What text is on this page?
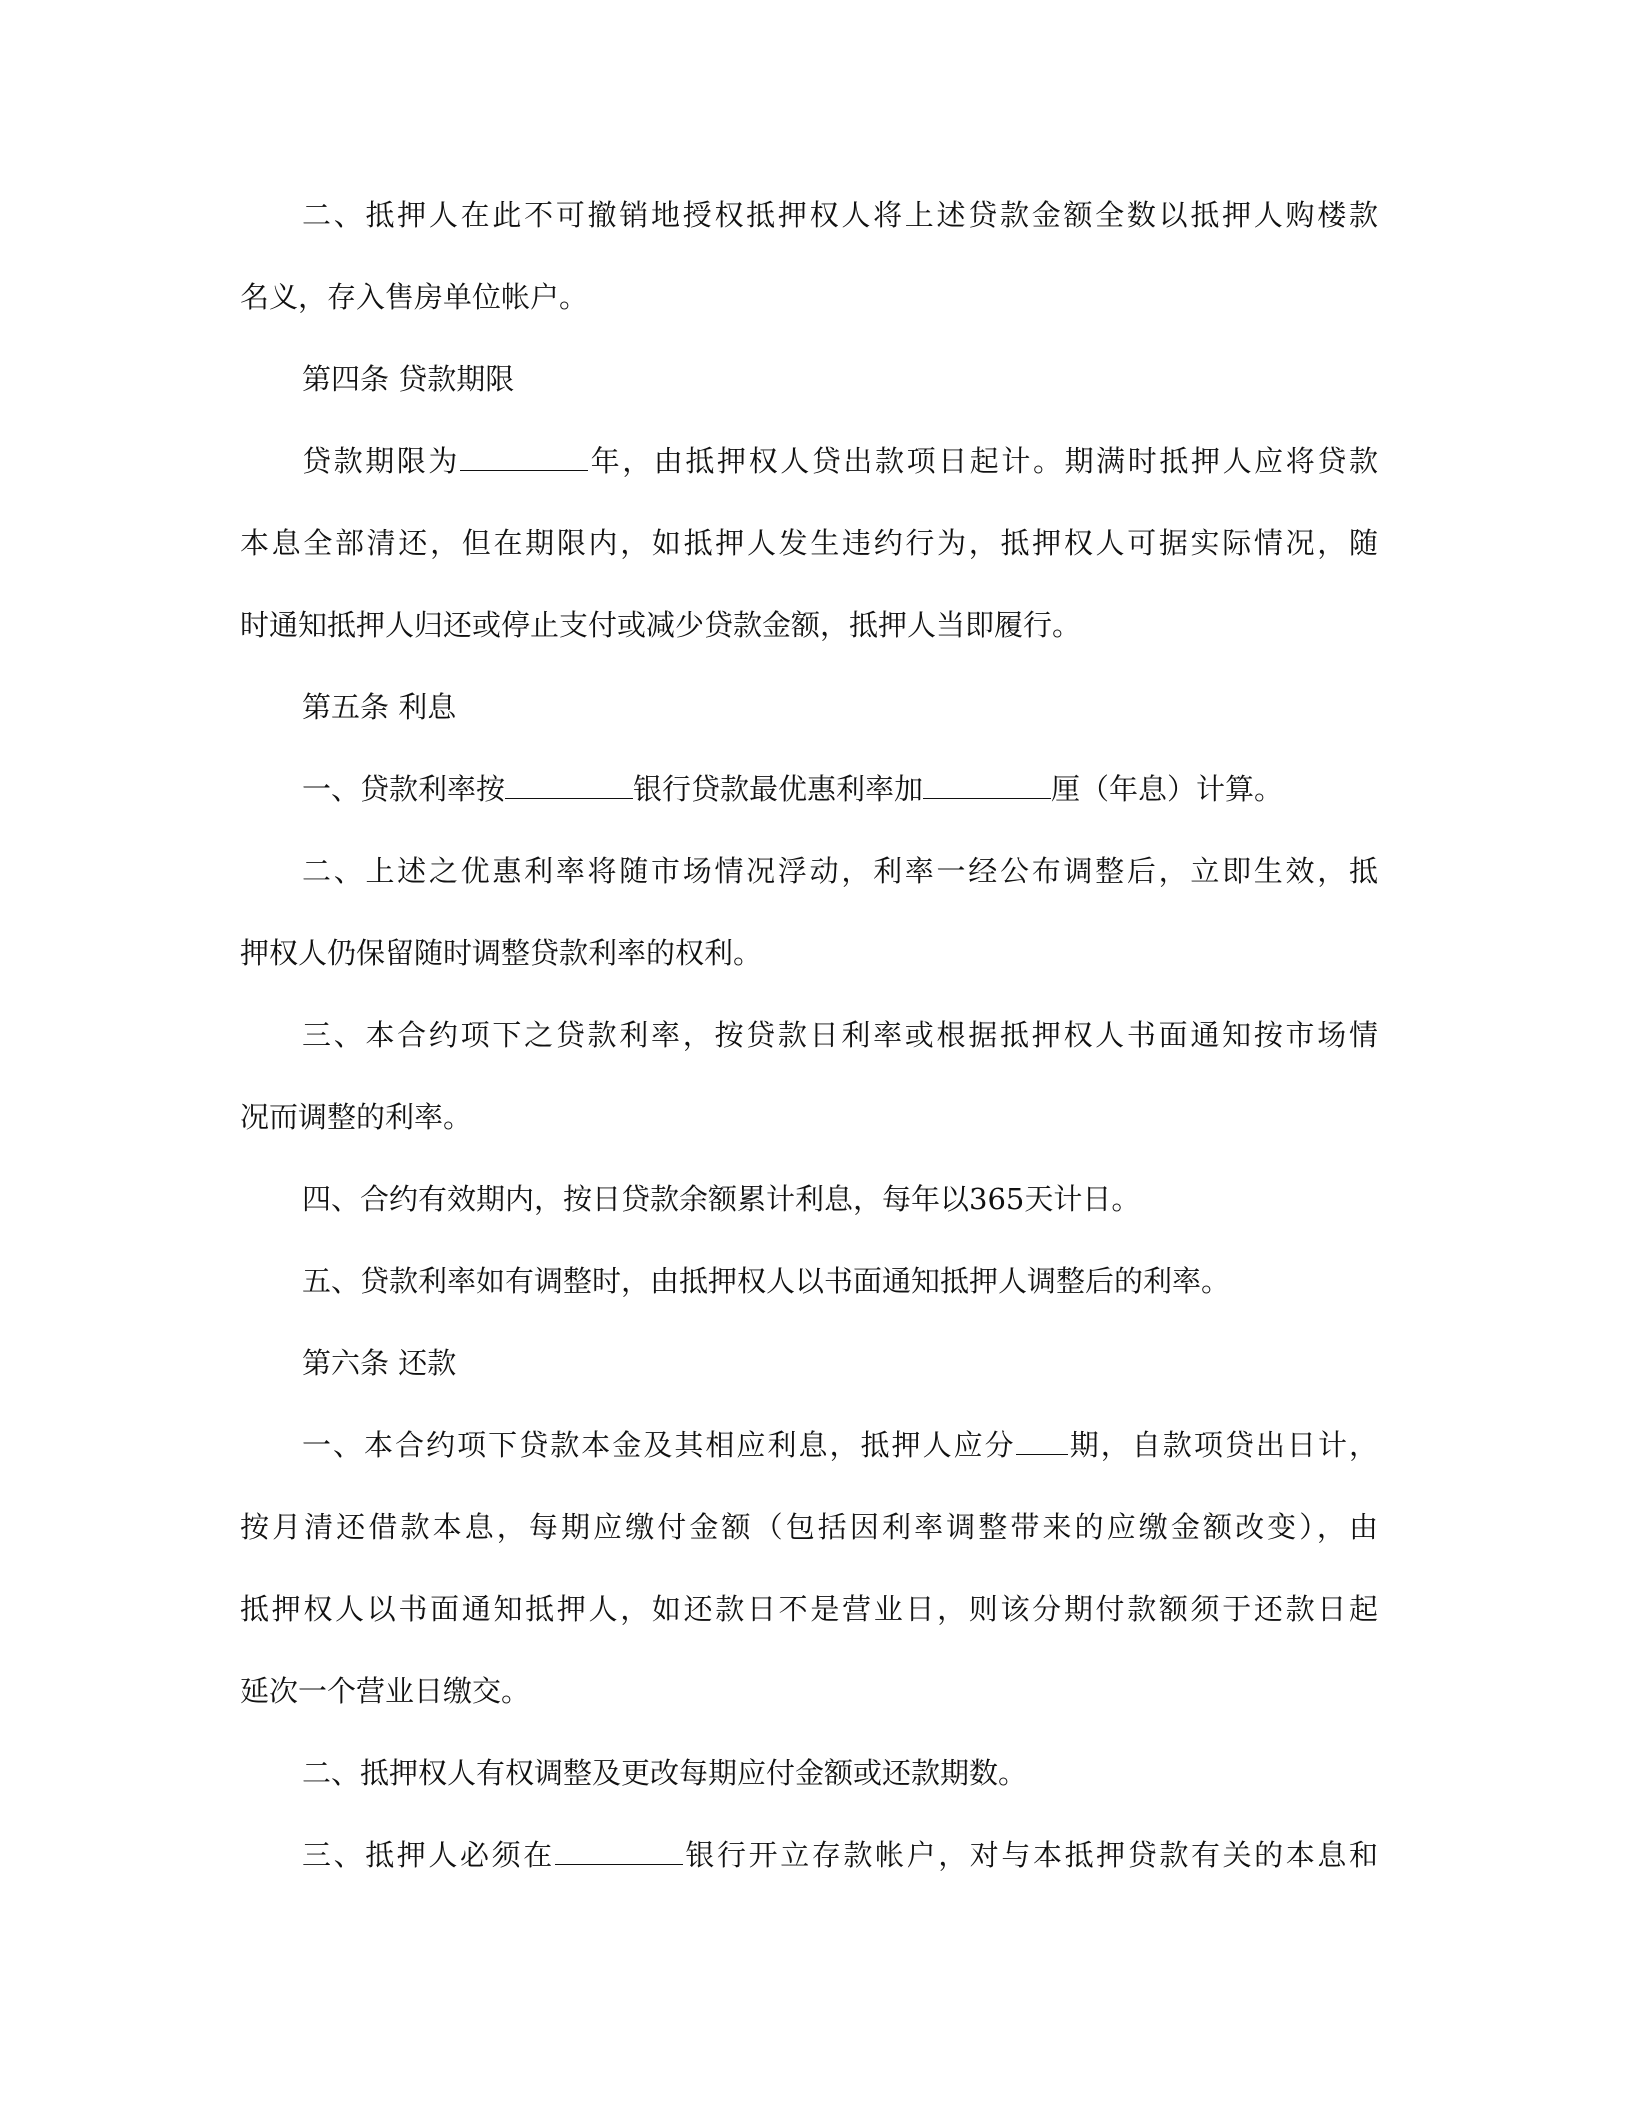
二、抵押人在此不可撤销地授权抵押权人将上述贷款金额全数以抵押人购楼款
名义，存入售房单位帐户。
第四条 贷款期限
贷款期限为	年，由抵押权人贷出款项日起计。期满时抵押人应将贷款
本息全部清还，但在期限内，如抵押人发生违约行为，抵押权人可据实际情况，随
时通知抵押人归还或停止支付或减少贷款金额，抵押人当即履行。
第五条 利息
一、贷款利率按	银行贷款最优惠利率加	厘（年息）计算。
二、上述之优惠利率将随市场情况浮动，利率一经公布调整后，立即生效，抵
押权人仍保留随时调整贷款利率的权利。
三、本合约项下之贷款利率，按贷款日利率或根据抵押权人书面通知按市场情
况而调整的利率。
四、合约有效期内，按日贷款余额累计利息，每年以365天计日。
五、贷款利率如有调整时，由抵押权人以书面通知抵押人调整后的利率。
第六条 还款
一、本合约项下贷款本金及其相应利息，抵押人应分 期，自款项贷出日计，
按月清还借款本息，每期应缴付金额（包括因利率调整带来的应缴金额改变），由
抵押权人以书面通知抵押人，如还款日不是营业日，则该分期付款额须于还款日起
延次一个营业日缴交。
二、抵押权人有权调整及更改每期应付金额或还款期数。
三、抵押人必须在	银行开立存款帐户，对与本抵押贷款有关的本息和
